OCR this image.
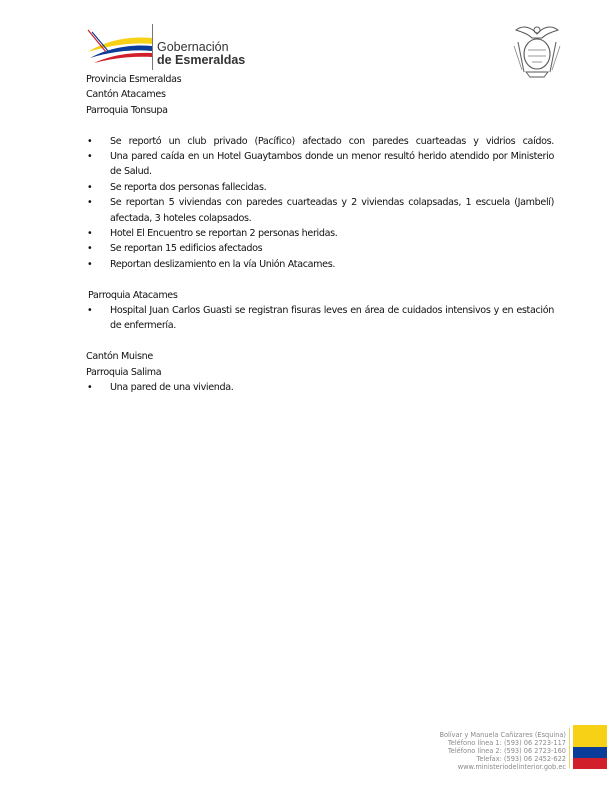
Gobernación
de Esmeraldas
Provincia Esmeraldas
Cantón Atacames
Parroquia Tonsupa
• Se reportó un club privado (Pacífico) afectado con paredes cuarteadas y vidrios caídos.
• Una pared caída en un Hotel Guaytambos donde un menor resultó herido atendido por Ministerio de Salud.
• Se reporta dos personas fallecidas.
• Se reportan 5 viviendas con paredes cuarteadas y 2 viviendas colapsadas, 1 escuela (Jambelí) afectada, 3 hoteles colapsados.
• Hotel El Encuentro se reportan 2 personas heridas.
• Se reportan 15 edificios afectados
• Reportan deslizamiento en la vía Unión Atacames.
Parroquia Atacames
• Hospital Juan Carlos Guasti se registran fisuras leves en área de cuidados intensivos y en estación de enfermería.
Cantón Muisne
Parroquia Salima
• Una pared de una vivienda.
Bolívar y Manuela Cañizares (Esquina)
Teléfono línea 1: (593) 06 2723-117
Teléfono línea 2: (593) 06 2723-160
Telefax: (593) 06 2452-622
www.ministeriodelinterior.gob.ec
